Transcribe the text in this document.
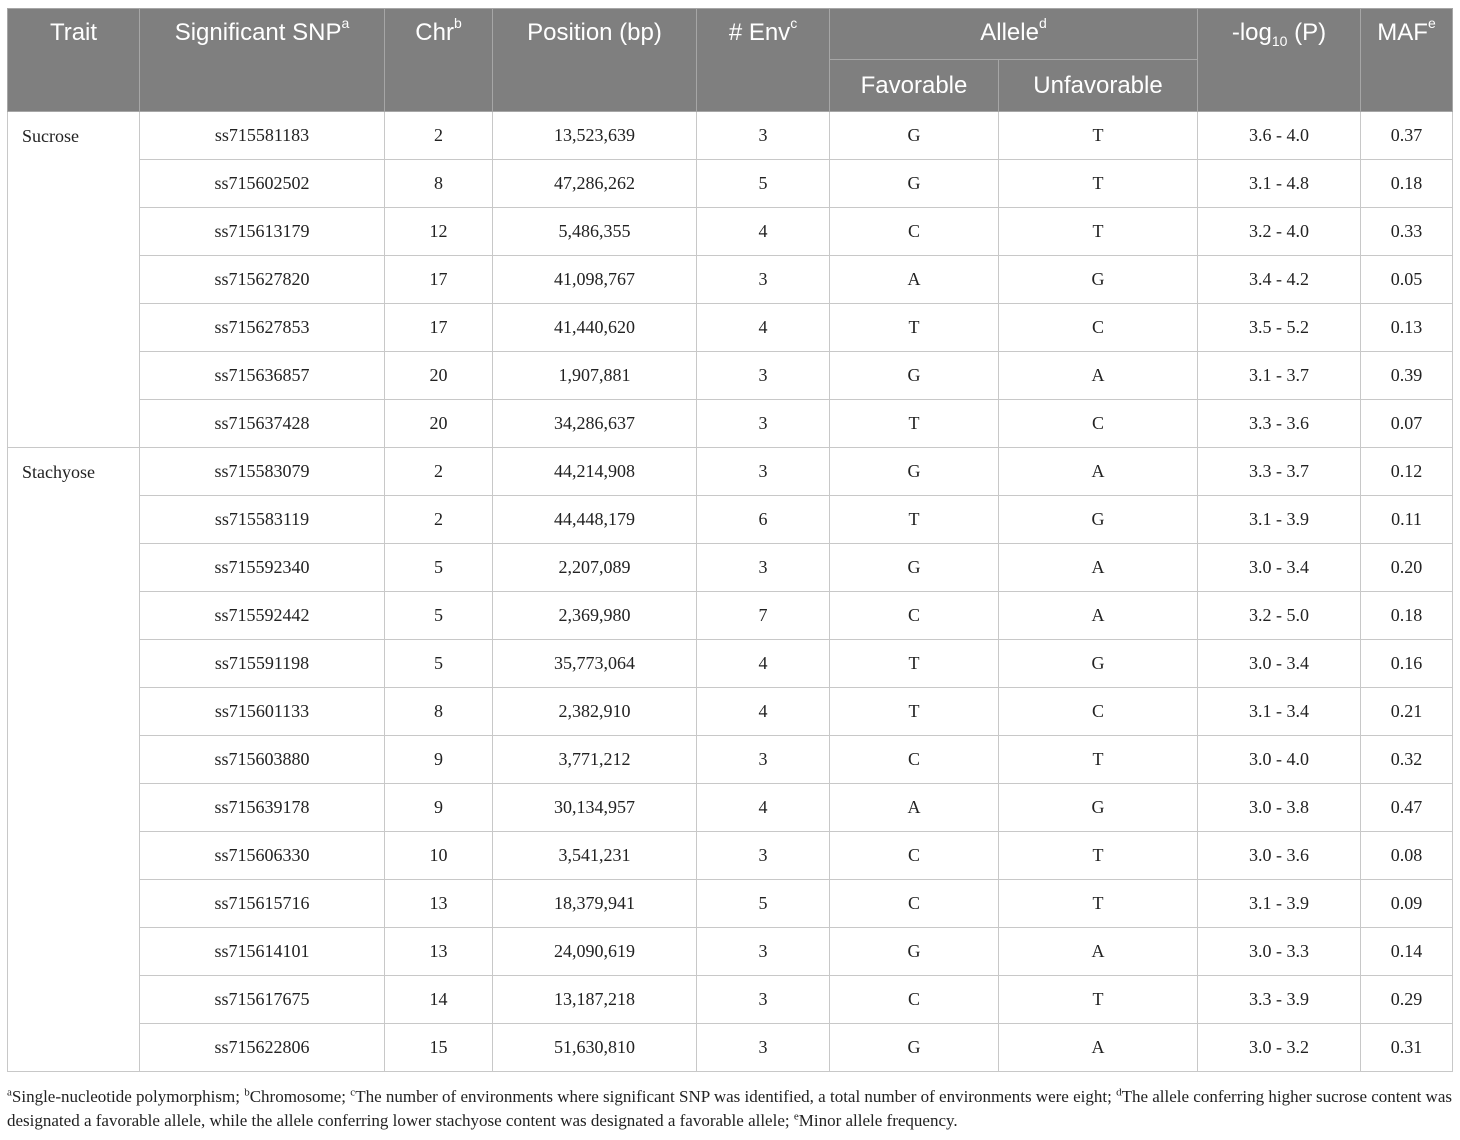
Trait	Significant SNP$^a$	Chr$^b$	Position (bp)	# Env$^c$	Allele$^d$		$-\log_{10}$ (P)	MAF$^e$
					Favorable	Unfavorable		
Sucrose	ss715581183	2	13,523,639	3	G	T	3.6 - 4.0	0.37
	ss715602502	8	47,286,262	5	G	T	3.1 - 4.8	0.18
	ss715613179	12	5,486,355	4	C	T	3.2 - 4.0	0.33
	ss715627820	17	41,098,767	3	A	G	3.4 - 4.2	0.05
	ss715627853	17	41,440,620	4	T	C	3.5 - 5.2	0.13
	ss715636857	20	1,907,881	3	G	A	3.1 - 3.7	0.39
	ss715637428	20	34,286,637	3	T	C	3.3 - 3.6	0.07
Stachyose	ss715583079	2	44,214,908	3	G	A	3.3 - 3.7	0.12
	ss715583119	2	44,448,179	6	T	G	3.1 - 3.9	0.11
	ss715592340	5	2,207,089	3	G	A	3.0 - 3.4	0.20
	ss715592442	5	2,369,980	7	C	A	3.2 - 5.0	0.18
	ss715591198	5	35,773,064	4	T	G	3.0 - 3.4	0.16
	ss715601133	8	2,382,910	4	T	C	3.1 - 3.4	0.21
	ss715603880	9	3,771,212	3	C	T	3.0 - 4.0	0.32
	ss715639178	9	30,134,957	4	A	G	3.0 - 3.8	0.47
	ss715606330	10	3,541,231	3	C	T	3.0 - 3.6	0.08
	ss715615716	13	18,379,941	5	C	T	3.1 - 3.9	0.09
	ss715614101	13	24,090,619	3	G	A	3.0 - 3.3	0.14
	ss715617675	14	13,187,218	3	C	T	3.3 - 3.9	0.29
	ss715622806	15	51,630,810	3	G	A	3.0 - 3.2	0.31
$^a$Single-nucleotide polymorphism; $^b$Chromosome; $^c$The number of environments where significant SNP was identified, a total number of environments were eight; $^d$The allele conferring higher sucrose content was designated a favorable allele, while the allele conferring lower stachyose content was designated a favorable allele; $^e$Minor allele frequency.
